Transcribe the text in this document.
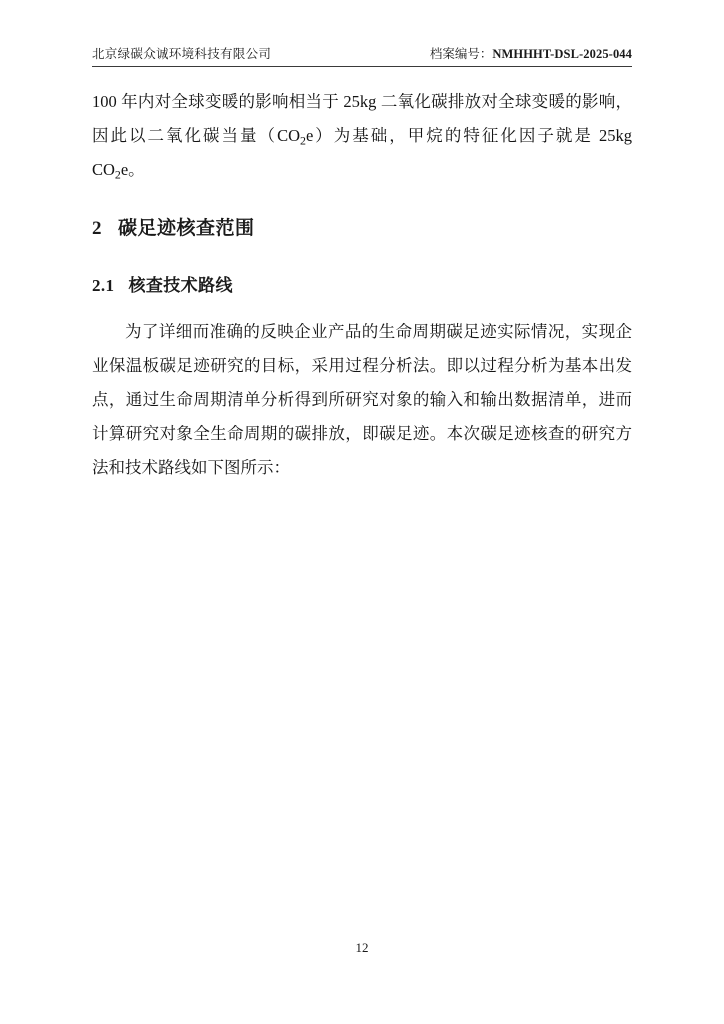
北京绿碳众诚环境科技有限公司	档案编号：NMHHHT-DSL-2025-044

100 年内对全球变暖的影响相当于 25kg 二氧化碳排放对全球变暖的影响，因此以二氧化碳当量$(CO_2e)$为基础，甲烷的特征化因子就是 25kg $CO_2e$。

2 碳足迹核查范围
2.1 核查技术路线

为了详细而准确的反映企业产品的生命周期碳足迹实际情况，实现企业保温板碳足迹研究的目标，采用过程分析法。即以过程分析为基本出发点，通过生命周期清单分析得到所研究对象的输入和输出数据清单，进而计算研究对象全生命周期的碳排放，即碳足迹。本次碳足迹核查的研究方法和技术路线如下图所示：

12
